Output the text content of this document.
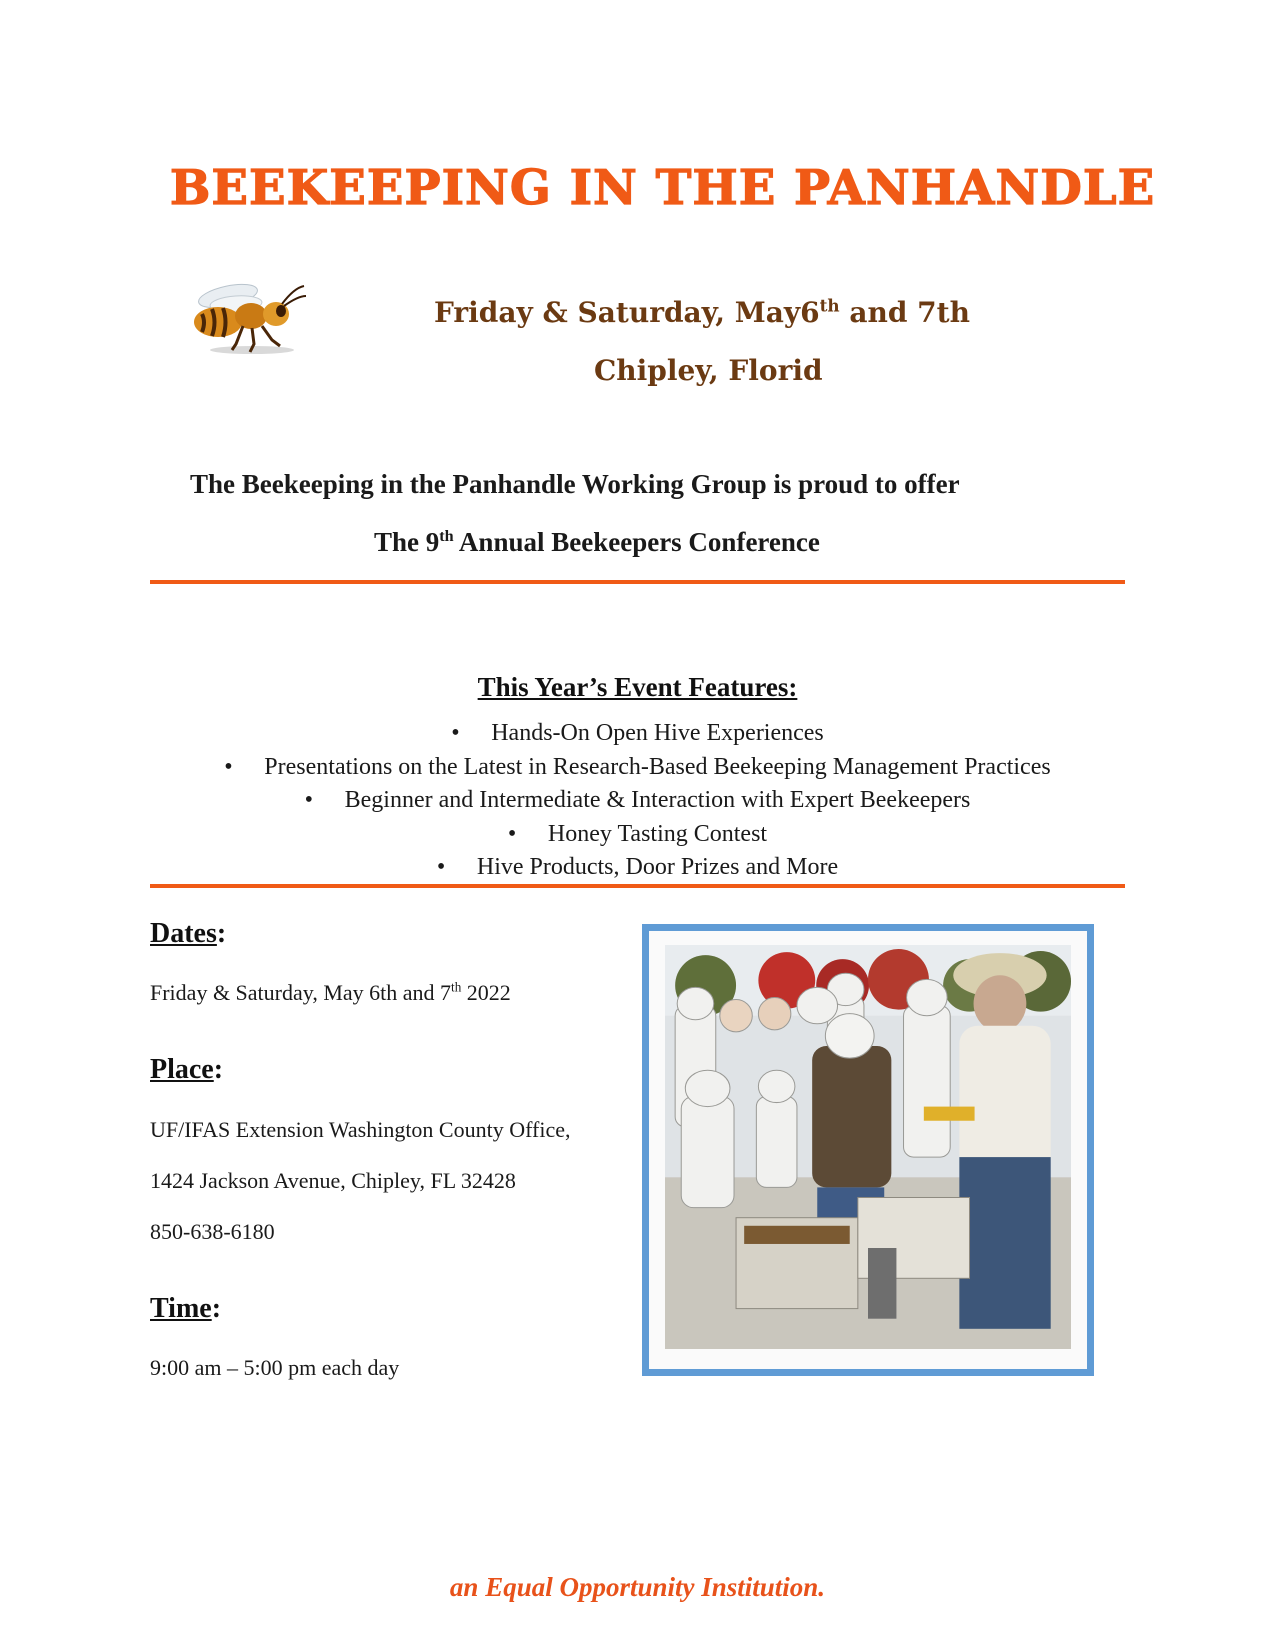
BEEKEEPING IN THE PANHANDLE
Friday & Saturday, May6th and 7th
Chipley, Florid
The Beekeeping in the Panhandle Working Group is proud to offer
The 9th Annual Beekeepers Conference
This Year’s Event Features:
• Hands-On Open Hive Experiences
• Presentations on the Latest in Research-Based Beekeeping Management Practices
• Beginner and Intermediate & Interaction with Expert Beekeepers
• Honey Tasting Contest
• Hive Products, Door Prizes and More
Dates:
Friday & Saturday, May 6th and 7th 2022
Place:
UF/IFAS Extension Washington County Office,
1424 Jackson Avenue, Chipley, FL 32428
850-638-6180
Time:
9:00 am – 5:00 pm each day
an Equal Opportunity Institution.
